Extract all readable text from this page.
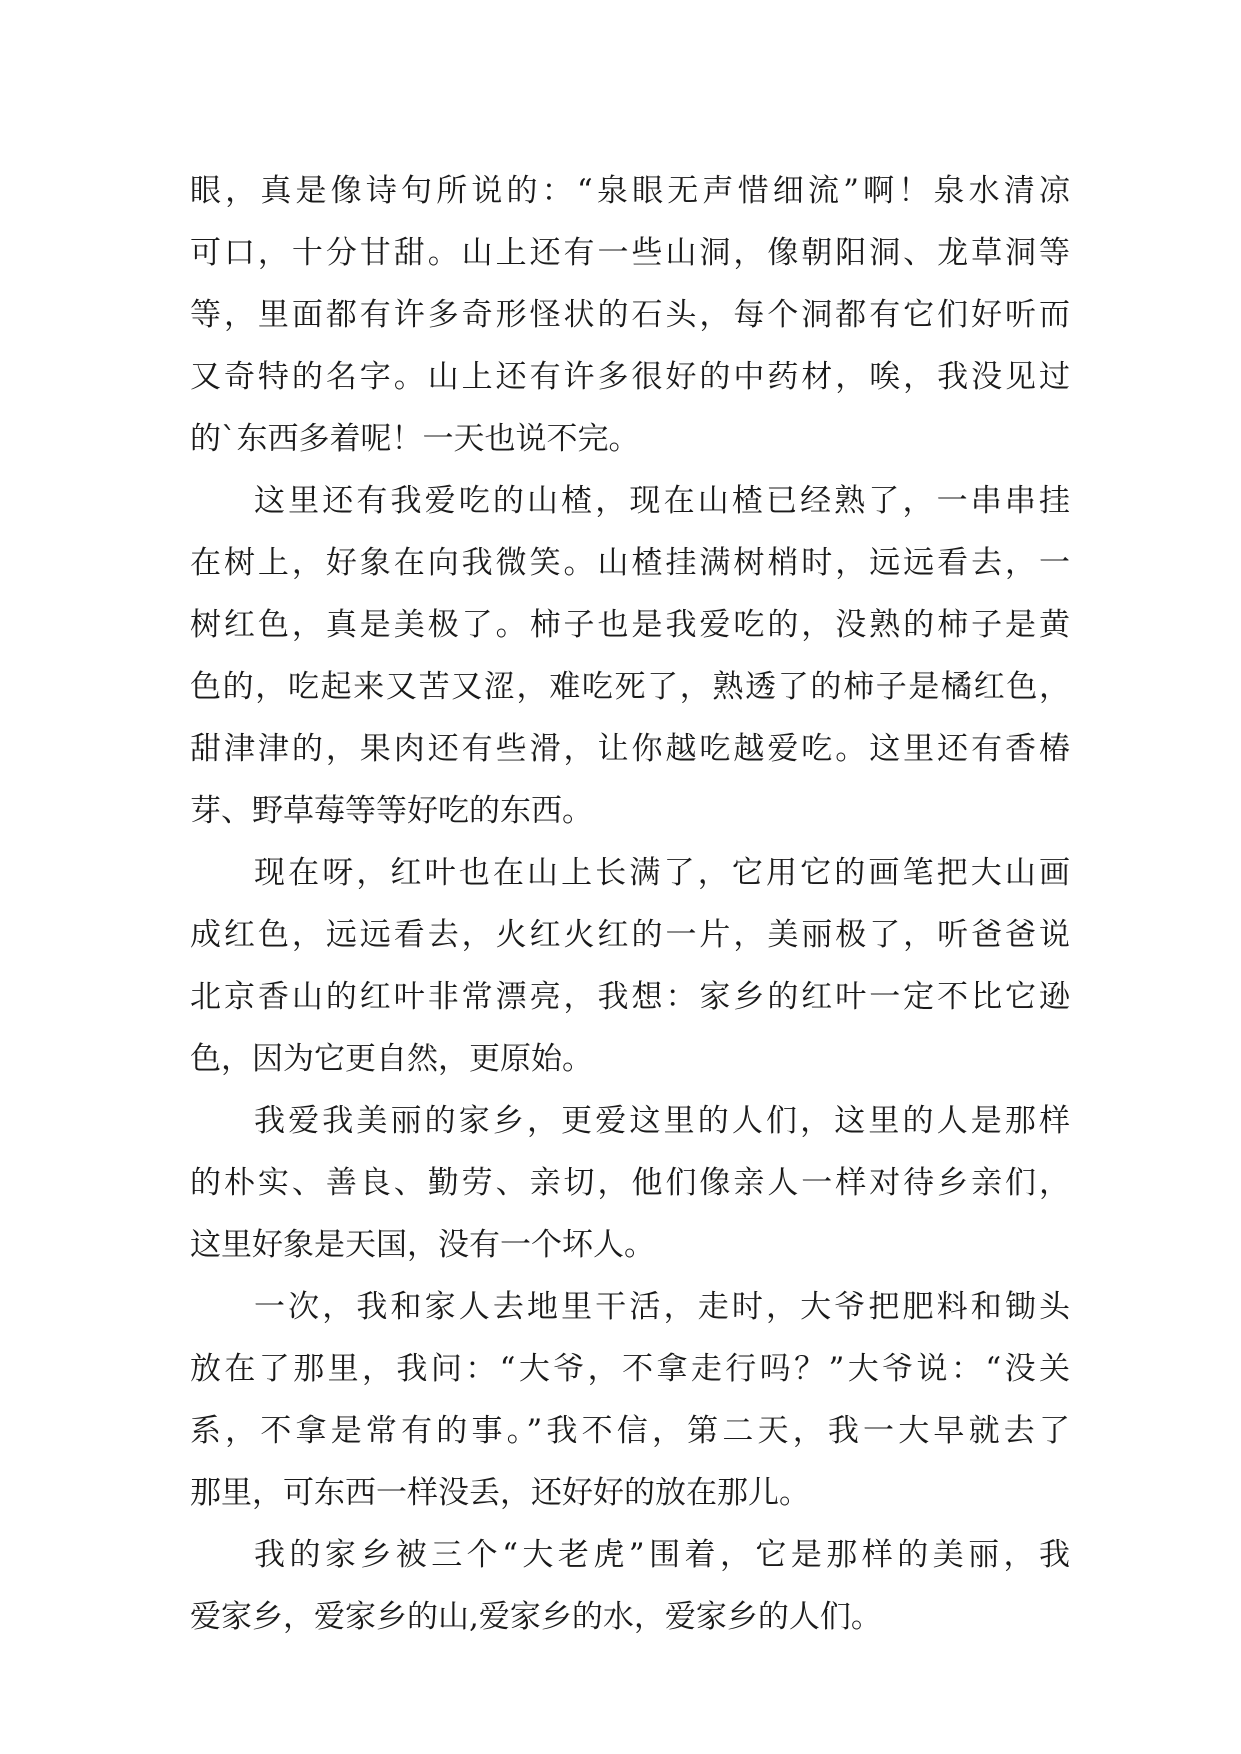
眼，真是像诗句所说的：“泉眼无声惜细流”啊！泉水清凉
可口，十分甘甜。山上还有一些山洞，像朝阳洞、龙草洞等
等，里面都有许多奇形怪状的石头，每个洞都有它们好听而
又奇特的名字。山上还有许多很好的中药材，唉，我没见过
的`东西多着呢！一天也说不完。
这里还有我爱吃的山楂，现在山楂已经熟了，一串串挂
在树上，好象在向我微笑。山楂挂满树梢时，远远看去，一
树红色，真是美极了。柿子也是我爱吃的，没熟的柿子是黄
色的，吃起来又苦又涩，难吃死了，熟透了的柿子是橘红色，
甜津津的，果肉还有些滑，让你越吃越爱吃。这里还有香椿
芽、野草莓等等好吃的东西。
现在呀，红叶也在山上长满了，它用它的画笔把大山画
成红色，远远看去，火红火红的一片，美丽极了，听爸爸说
北京香山的红叶非常漂亮，我想：家乡的红叶一定不比它逊
色，因为它更自然，更原始。
我爱我美丽的家乡，更爱这里的人们，这里的人是那样
的朴实、善良、勤劳、亲切，他们像亲人一样对待乡亲们，
这里好象是天国，没有一个坏人。
一次，我和家人去地里干活，走时，大爷把肥料和锄头
放在了那里，我问：“大爷，不拿走行吗？”大爷说：“没关
系，不拿是常有的事。”我不信，第二天，我一大早就去了
那里，可东西一样没丢，还好好的放在那儿。
我的家乡被三个“大老虎”围着，它是那样的美丽，我
爱家乡，爱家乡的山,爱家乡的水，爱家乡的人们。
